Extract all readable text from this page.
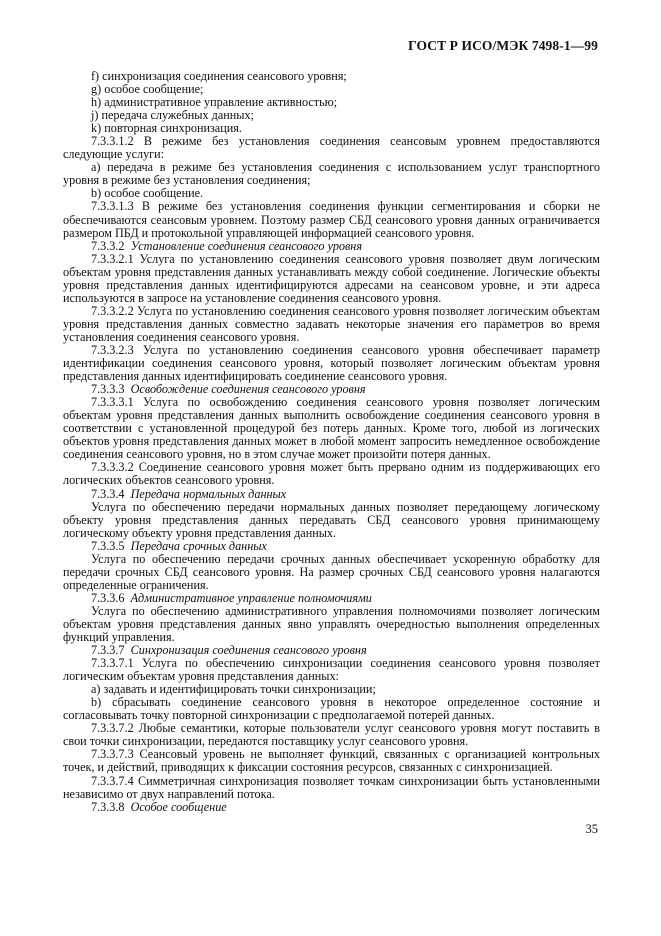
ГОСТ Р ИСО/МЭК 7498-1—99

f) синхронизация соединения сеансового уровня;

g) особое сообщение;

h) административное управление активностью;

j) передача служебных данных;

k) повторная синхронизация.

7.3.3.1.2 В режиме без установления соединения сеансовым уровнем предоставляются следующие услуги:

а) передача в режиме без установления соединения с использованием услуг транспортного уровня в режиме без установления соединения;

b) особое сообщение.

7.3.3.1.3 В режиме без установления соединения функции сегментирования и сборки не обеспечиваются сеансовым уровнем. Поэтому размер СБД сеансового уровня данных ограничивается размером ПБД и протокольной управляющей информацией сеансового уровня.

7.3.3.2 Установление соединения сеансового уровня

7.3.3.2.1 Услуга по установлению соединения сеансового уровня позволяет двум логическим объектам уровня представления данных устанавливать между собой соединение. Логические объекты уровня представления данных идентифицируются адресами на сеансовом уровне, и эти адреса используются в запросе на установление соединения сеансового уровня.

7.3.3.2.2 Услуга по установлению соединения сеансового уровня позволяет логическим объектам уровня представления данных совместно задавать некоторые значения его параметров во время установления соединения сеансового уровня.

7.3.3.2.3 Услуга по установлению соединения сеансового уровня обеспечивает параметр идентификации соединения сеансового уровня, который позволяет логическим объектам уровня представления данных идентифицировать соединение сеансового уровня.

7.3.3.3 Освобождение соединения сеансового уровня

7.3.3.3.1 Услуга по освобождению соединения сеансового уровня позволяет логическим объектам уровня представления данных выполнить освобождение соединения сеансового уровня в соответствии с установленной процедурой без потерь данных. Кроме того, любой из логических объектов уровня представления данных может в любой момент запросить немедленное освобождение соединения сеансового уровня, но в этом случае может произойти потеря данных.

7.3.3.3.2 Соединение сеансового уровня может быть прервано одним из поддерживающих его логических объектов сеансового уровня.

7.3.3.4 Передача нормальных данных

Услуга по обеспечению передачи нормальных данных позволяет передающему логическому объекту уровня представления данных передавать СБД сеансового уровня принимающему логическому объекту уровня представления данных.

7.3.3.5 Передача срочных данных

Услуга по обеспечению передачи срочных данных обеспечивает ускоренную обработку для передачи срочных СБД сеансового уровня. На размер срочных СБД сеансового уровня налагаются определенные ограничения.

7.3.3.6 Административное управление полномочиями

Услуга по обеспечению административного управления полномочиями позволяет логическим объектам уровня представления данных явно управлять очередностью выполнения определенных функций управления.

7.3.3.7 Синхронизация соединения сеансового уровня

7.3.3.7.1 Услуга по обеспечению синхронизации соединения сеансового уровня позволяет логическим объектам уровня представления данных:

а) задавать и идентифицировать точки синхронизации;

b) сбрасывать соединение сеансового уровня в некоторое определенное состояние и согласовывать точку повторной синхронизации с предполагаемой потерей данных.

7.3.3.7.2 Любые семантики, которые пользователи услуг сеансового уровня могут поставить в свои точки синхронизации, передаются поставщику услуг сеансового уровня.

7.3.3.7.3 Сеансовый уровень не выполняет функций, связанных с организацией контрольных точек, и действий, приводящих к фиксации состояния ресурсов, связанных с синхронизацией.

7.3.3.7.4 Симметричная синхронизация позволяет точкам синхронизации быть установленными независимо от двух направлений потока.

7.3.3.8 Особое сообщение

35
